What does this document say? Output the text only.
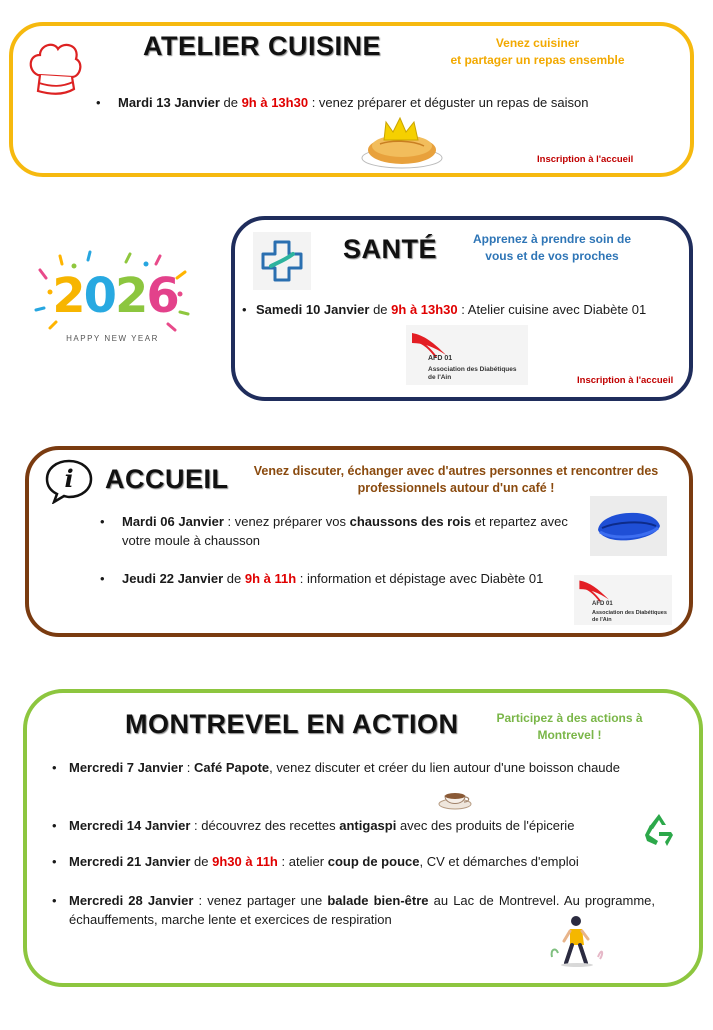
ATELIER CUISINE	Venez cuisiner
et partager un repas ensemble
• Mardi 13 Janvier de 9h à 13h30 : venez préparer et déguster un repas de saison
Inscription à l'accueil
2026
HAPPY NEW YEAR
SANTÉ	Apprenez à prendre soin de
vous et de vos proches
• Samedi 10 Janvier de 9h à 13h30 : Atelier cuisine avec Diabète 01
AFD 01
Association des Diabétiques
de l'Ain	Inscription à l'accueil
i	ACCUEIL	Venez discuter, échanger avec d'autres personnes et rencontrer des
professionnels autour d'un café !
• Mardi 06 Janvier : venez préparer vos chaussons des rois et repartez avec votre moule à chausson
• Jeudi 22 Janvier de 9h à 11h : information et dépistage avec Diabète 01
AFD 01
Association des Diabétiques
de l'Ain
MONTREVEL EN ACTION	Participez à des actions à
Montrevel !
• Mercredi 7 Janvier : Café Papote, venez discuter et créer du lien autour d'une boisson chaude
• Mercredi 14 Janvier : découvrez des recettes antigaspi avec des produits de l'épicerie
• Mercredi 21 Janvier de 9h30 à 11h : atelier coup de pouce, CV et démarches d'emploi
• Mercredi 28 Janvier : venez partager une balade bien-être au Lac de Montrevel. Au programme, échauffements, marche lente et exercices de respiration
